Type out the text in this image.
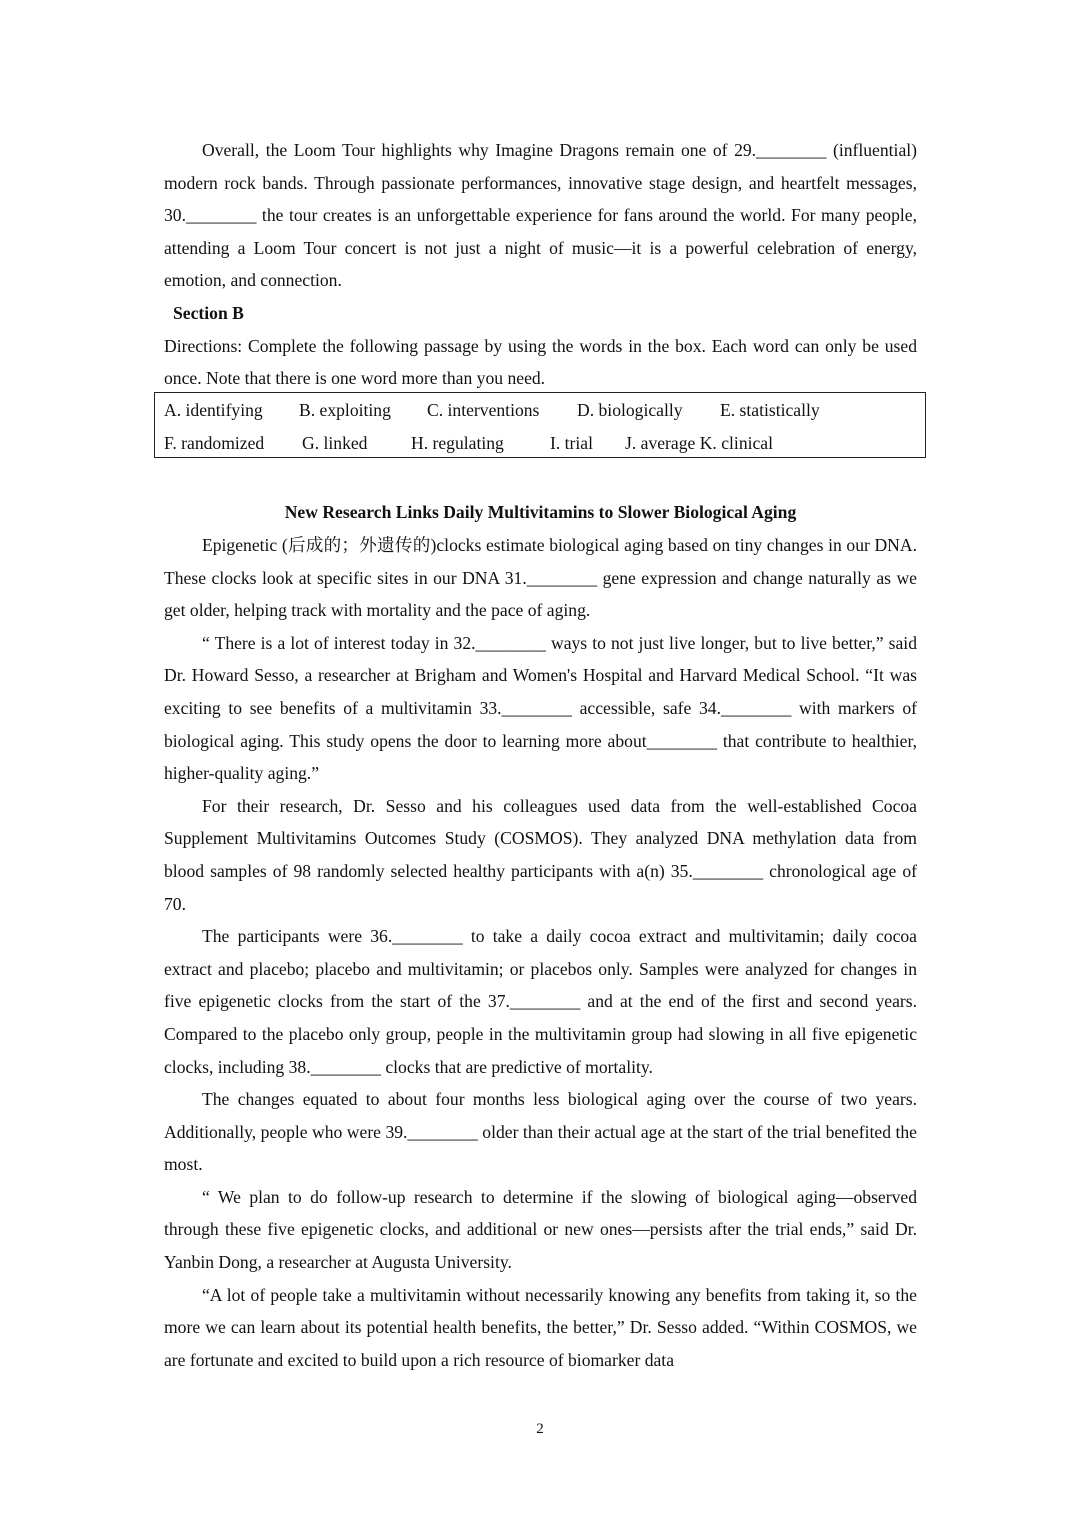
Overall, the Loom Tour highlights why Imagine Dragons remain one of 29.________ (influential) modern rock bands. Through passionate performances, innovative stage design, and heartfelt messages, 30.________ the tour creates is an unforgettable experience for fans around the world. For many people, attending a Loom Tour concert is not just a night of music—it is a powerful celebration of energy, emotion, and connection.

Section B

Directions: Complete the following passage by using the words in the box. Each word can only be used once. Note that there is one word more than you need.

A. identifying B. exploiting C. interventions D. biologically E. statistically
F. randomized G. linked H. regulating	I. trial J. average K. clinical

New Research Links Daily Multivitamins to Slower Biological Aging

Epigenetic (后成的；外遗传的)clocks estimate biological aging based on tiny changes in our DNA. These clocks look at specific sites in our DNA 31.________ gene expression and change naturally as we get older, helping track with mortality and the pace of aging.

“ There is a lot of interest today in 32.________ ways to not just live longer, but to live better,” said Dr. Howard Sesso, a researcher at Brigham and Women's Hospital and Harvard Medical School. “It was exciting to see benefits of a multivitamin 33.________ accessible, safe 34.________ with markers of biological aging. This study opens the door to learning more about________ that contribute to healthier, higher-quality aging.”

For their research, Dr. Sesso and his colleagues used data from the well-established Cocoa Supplement Multivitamins Outcomes Study (COSMOS). They analyzed DNA methylation data from blood samples of 98 randomly selected healthy participants with a(n) 35.________ chronological age of 70.

The participants were 36.________ to take a daily cocoa extract and multivitamin; daily cocoa extract and placebo; placebo and multivitamin; or placebos only. Samples were analyzed for changes in five epigenetic clocks from the start of the 37.________ and at the end of the first and second years. Compared to the placebo only group, people in the multivitamin group had slowing in all five epigenetic clocks, including 38.________ clocks that are predictive of mortality.

The changes equated to about four months less biological aging over the course of two years. Additionally, people who were 39.________ older than their actual age at the start of the trial benefited the most.

“ We plan to do follow-up research to determine if the slowing of biological aging—observed through these five epigenetic clocks, and additional or new ones—persists after the trial ends,” said Dr. Yanbin Dong, a researcher at Augusta University.

“A lot of people take a multivitamin without necessarily knowing any benefits from taking it, so the more we can learn about its potential health benefits, the better,” Dr. Sesso added. “Within COSMOS, we are fortunate and excited to build upon a rich resource of biomarker data

2
